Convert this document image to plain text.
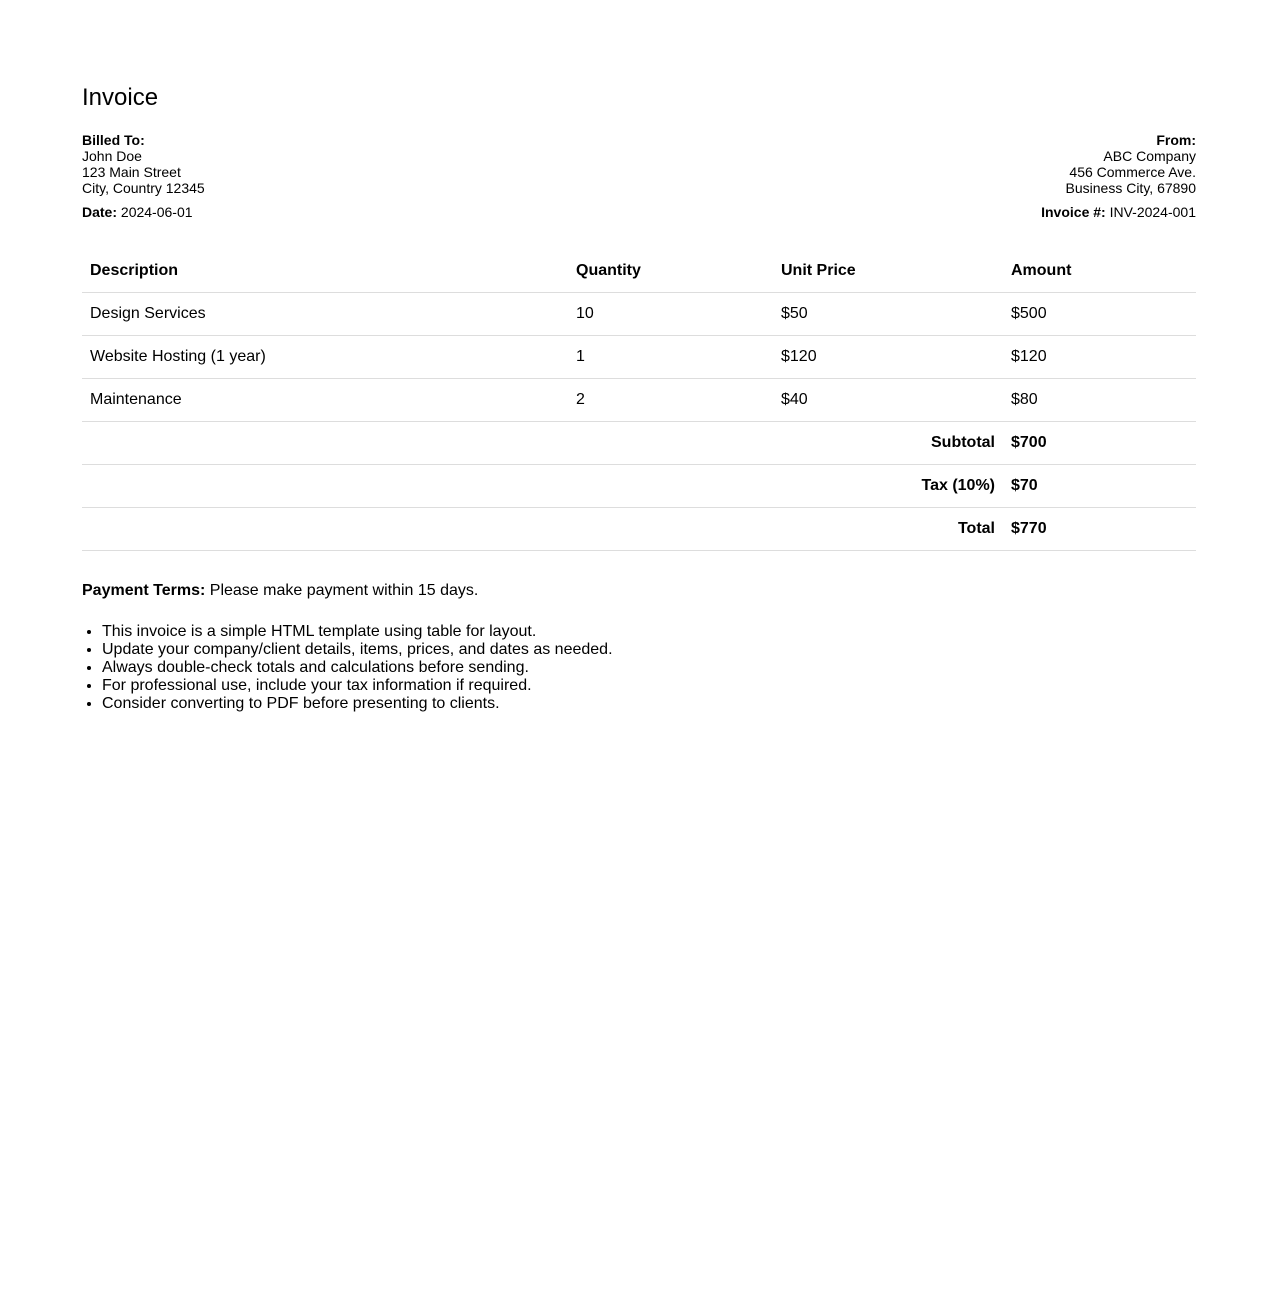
Invoice
Billed To:
John Doe
123 Main Street
City, Country 12345
Date: 2024-06-01
From:
ABC Company
456 Commerce Ave.
Business City, 67890
Invoice #: INV-2024-001
Description	Quantity	Unit Price	Amount
Design Services	10	$50	$500
Website Hosting (1 year)	1	$120	$120
Maintenance	2	$40	$80
Subtotal			$700
Tax (10%)			$70
Total			$770
Payment Terms: Please make payment within 15 days.
• This invoice is a simple HTML template using table for layout.
• Update your company/client details, items, prices, and dates as needed.
• Always double-check totals and calculations before sending.
• For professional use, include your tax information if required.
• Consider converting to PDF before presenting to clients.
